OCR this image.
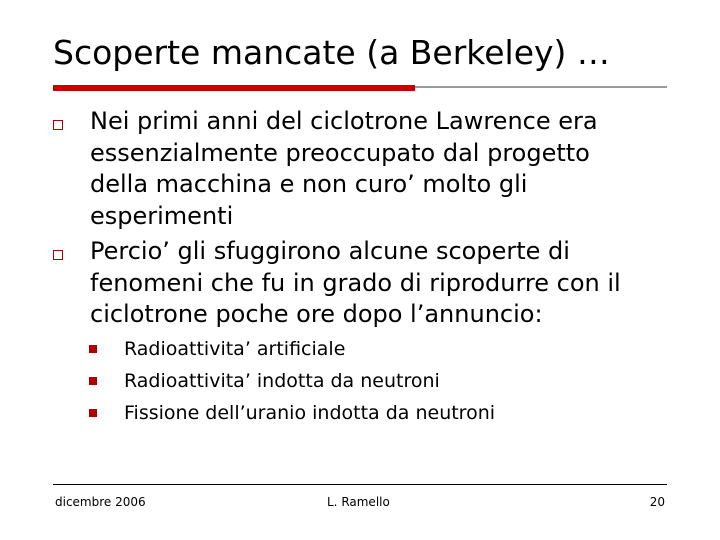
Scoperte mancate (a Berkeley) …
Nei primi anni del ciclotrone Lawrence era
essenzialmente preoccupato dal progetto
della macchina e non curo’ molto gli
esperimenti
Percio’ gli sfuggirono alcune scoperte di
fenomeni che fu in grado di riprodurre con il
ciclotrone poche ore dopo l’annuncio:
Radioattivita’ artificiale
Radioattivita’ indotta da neutroni
Fissione dell’uranio indotta da neutroni
dicembre 2006	L. Ramello	20
